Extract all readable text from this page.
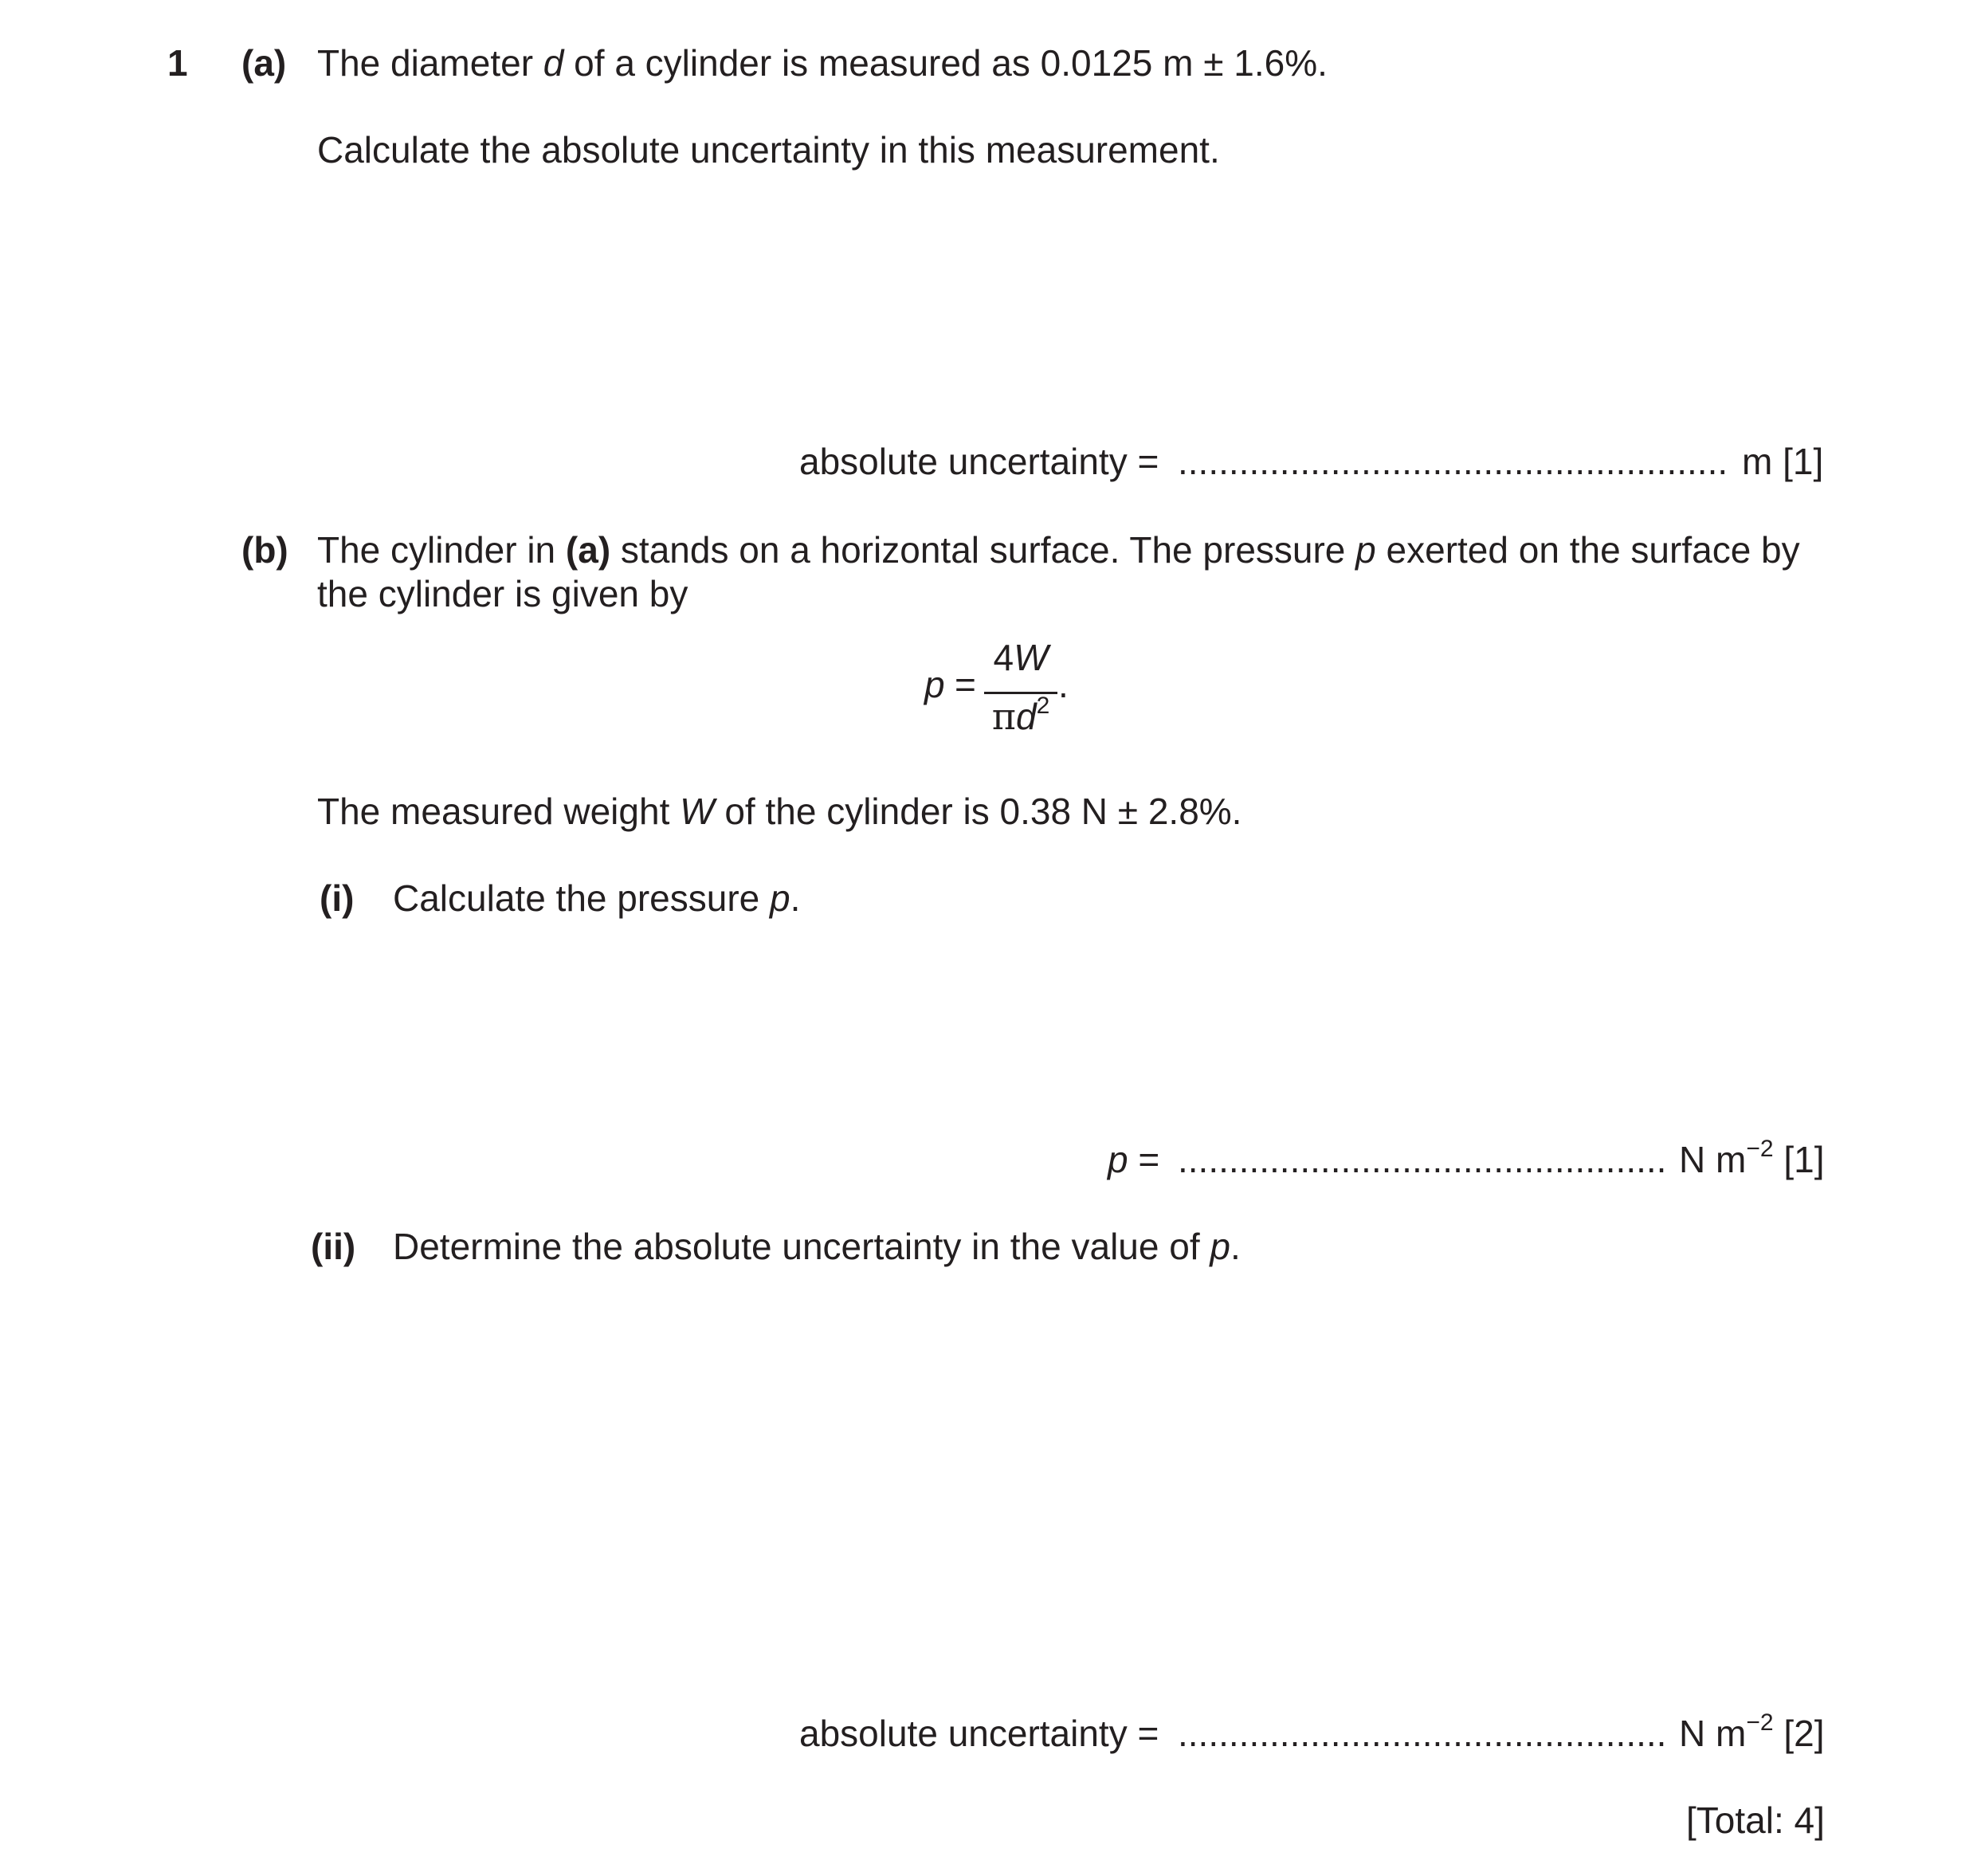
1 (a) The diameter d of a cylinder is measured as 0.0125 m ± 1.6%.
Calculate the absolute uncertainty in this measurement.
absolute uncertainty = ...................................................... m [1]
(b) The cylinder in (a) stands on a horizontal surface. The pressure p exerted on the surface by
the cylinder is given by
p =
4W
$\pi d^2$
.
The measured weight W of the cylinder is 0.38 N ± 2.8%.
(i) Calculate the pressure p.
p = ................................................ N $m^{-2}$ [1]
(ii) Determine the absolute uncertainty in the value of p.
absolute uncertainty = ................................................ N $m^{-2}$ [2]
[Total: 4]
